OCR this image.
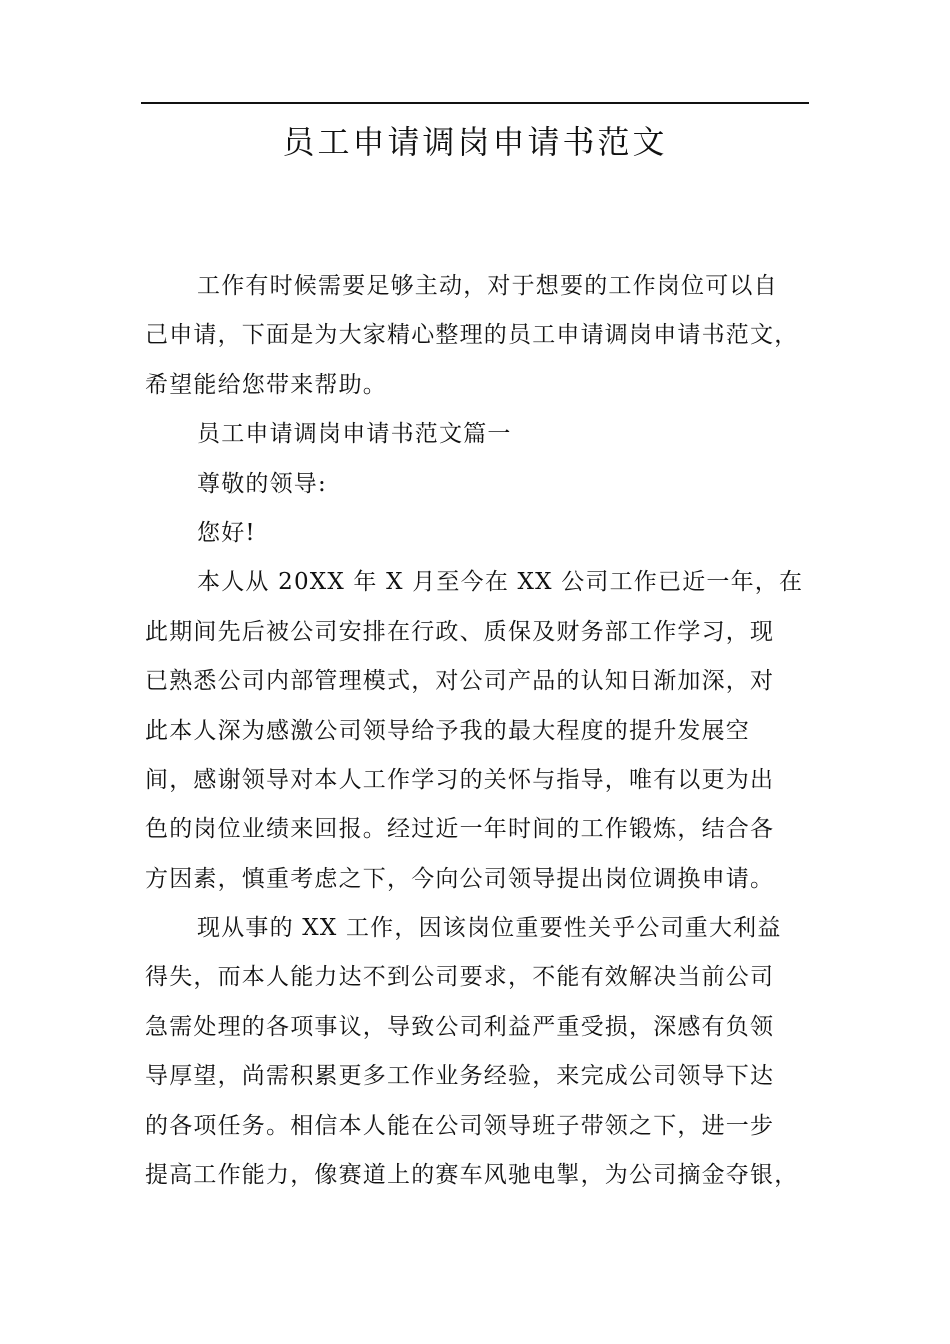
员工申请调岗申请书范文
工作有时候需要足够主动，对于想要的工作岗位可以自
己申请，下面是为大家精心整理的员工申请调岗申请书范文，
希望能给您带来帮助。
员工申请调岗申请书范文篇一
尊敬的领导:
您好!
本人从 20XX 年 X 月至今在 XX 公司工作已近一年，在
此期间先后被公司安排在行政、质保及财务部工作学习，现
已熟悉公司内部管理模式，对公司产品的认知日渐加深，对
此本人深为感激公司领导给予我的最大程度的提升发展空
间，感谢领导对本人工作学习的关怀与指导，唯有以更为出
色的岗位业绩来回报。经过近一年时间的工作锻炼，结合各
方因素，慎重考虑之下，今向公司领导提出岗位调换申请。
现从事的 XX 工作，因该岗位重要性关乎公司重大利益
得失，而本人能力达不到公司要求，不能有效解决当前公司
急需处理的各项事议，导致公司利益严重受损，深感有负领
导厚望，尚需积累更多工作业务经验，来完成公司领导下达
的各项任务。相信本人能在公司领导班子带领之下，进一步
提高工作能力，像赛道上的赛车风驰电掣，为公司摘金夺银，
